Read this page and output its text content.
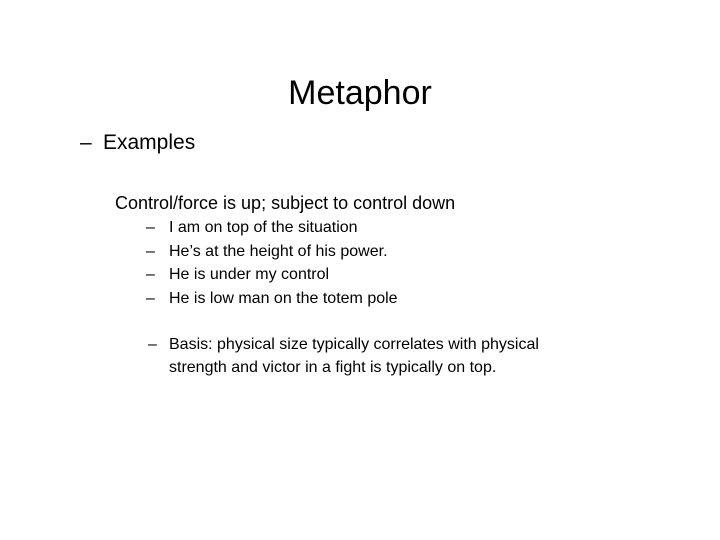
Metaphor
– Examples
Control/force is up; subject to control down
– I am on top of the situation
– He’s at the height of his power.
– He is under my control
– He is low man on the totem pole
– Basis: physical size typically correlates with physical
strength and victor in a fight is typically on top.
